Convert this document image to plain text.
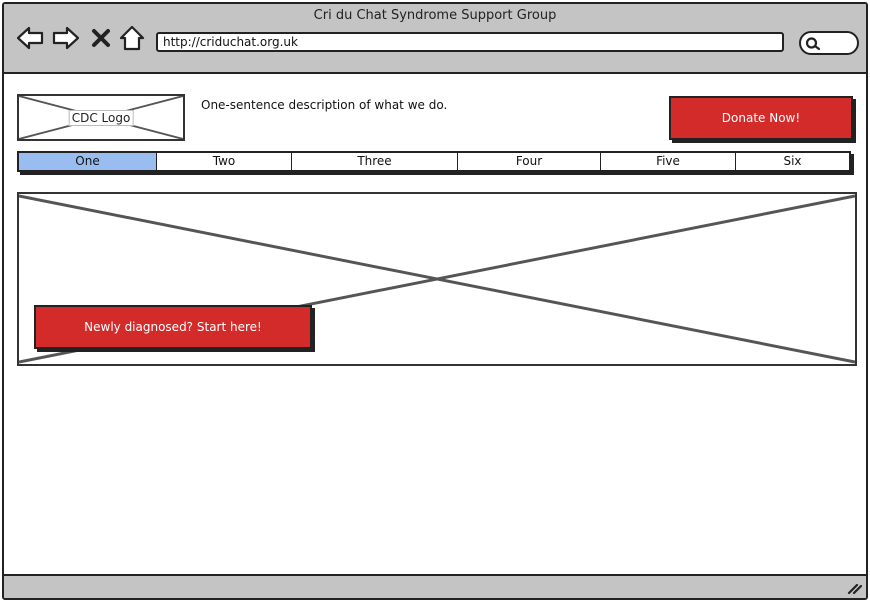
Cri du Chat Syndrome Support Group
http://criduchat.org.uk
CDC Logo
One-sentence description of what we do.
Donate Now!
One	Two	Three	Four	Five	Six
Newly diagnosed? Start here!
